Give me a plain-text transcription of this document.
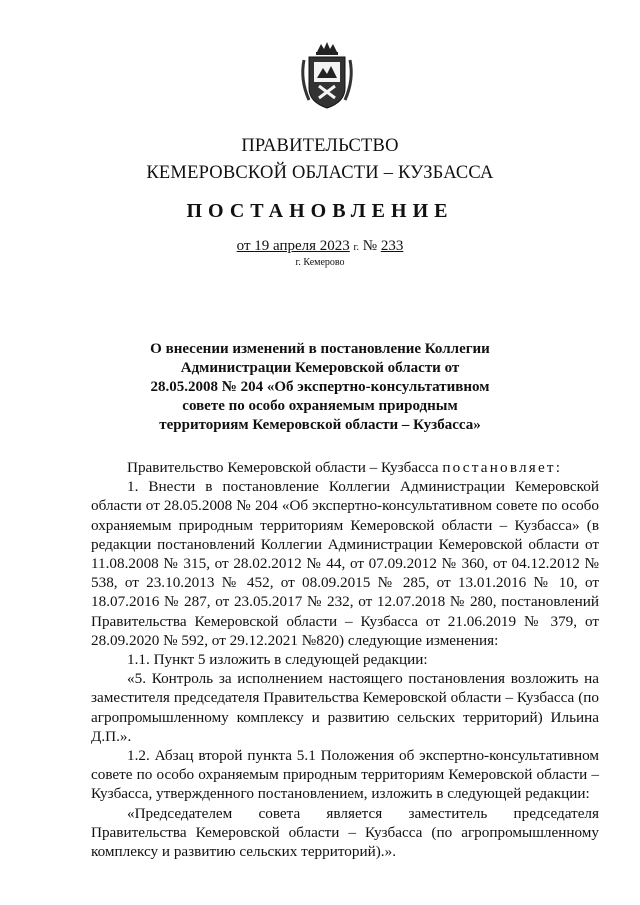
ПРАВИТЕЛЬСТВО
КЕМЕРОВСКОЙ ОБЛАСТИ – КУЗБАССА
ПОСТАНОВЛЕНИЕ
от 19 апреля 2023 г. № 233
г. Кемерово
О внесении изменений в постановление Коллегии Администрации Кемеровской области от 28.05.2008 № 204 «Об экспертно-консультативном совете по особо охраняемым природным территориям Кемеровской области – Кузбасса»

Правительство Кемеровской области – Кузбасса постановляет:

1. Внести в постановление Коллегии Администрации Кемеровской области от 28.05.2008 № 204 «Об экспертно-консультативном совете по особо охраняемым природным территориям Кемеровской области – Кузбасса» (в редакции постановлений Коллегии Администрации Кемеровской области от 11.08.2008 № 315, от 28.02.2012 № 44, от 07.09.2012 № 360, от 04.12.2012 № 538, от 23.10.2013 № 452, от 08.09.2015 № 285, от 13.01.2016 № 10, от 18.07.2016 № 287, от 23.05.2017 № 232, от 12.07.2018 № 280, постановлений Правительства Кемеровской области – Кузбасса от 21.06.2019 № 379, от 28.09.2020 № 592, от 29.12.2021 №820) следующие изменения:

1.1. Пункт 5 изложить в следующей редакции:

«5. Контроль за исполнением настоящего постановления возложить на заместителя председателя Правительства Кемеровской области – Кузбасса (по агропромышленному комплексу и развитию сельских территорий) Ильина Д.П.».

1.2. Абзац второй пункта 5.1 Положения об экспертно-консультативном совете по особо охраняемым природным территориям Кемеровской области – Кузбасса, утвержденного постановлением, изложить в следующей редакции:

«Председателем совета является заместитель председателя Правительства Кемеровской области – Кузбасса (по агропромышленному комплексу и развитию сельских территорий).».
